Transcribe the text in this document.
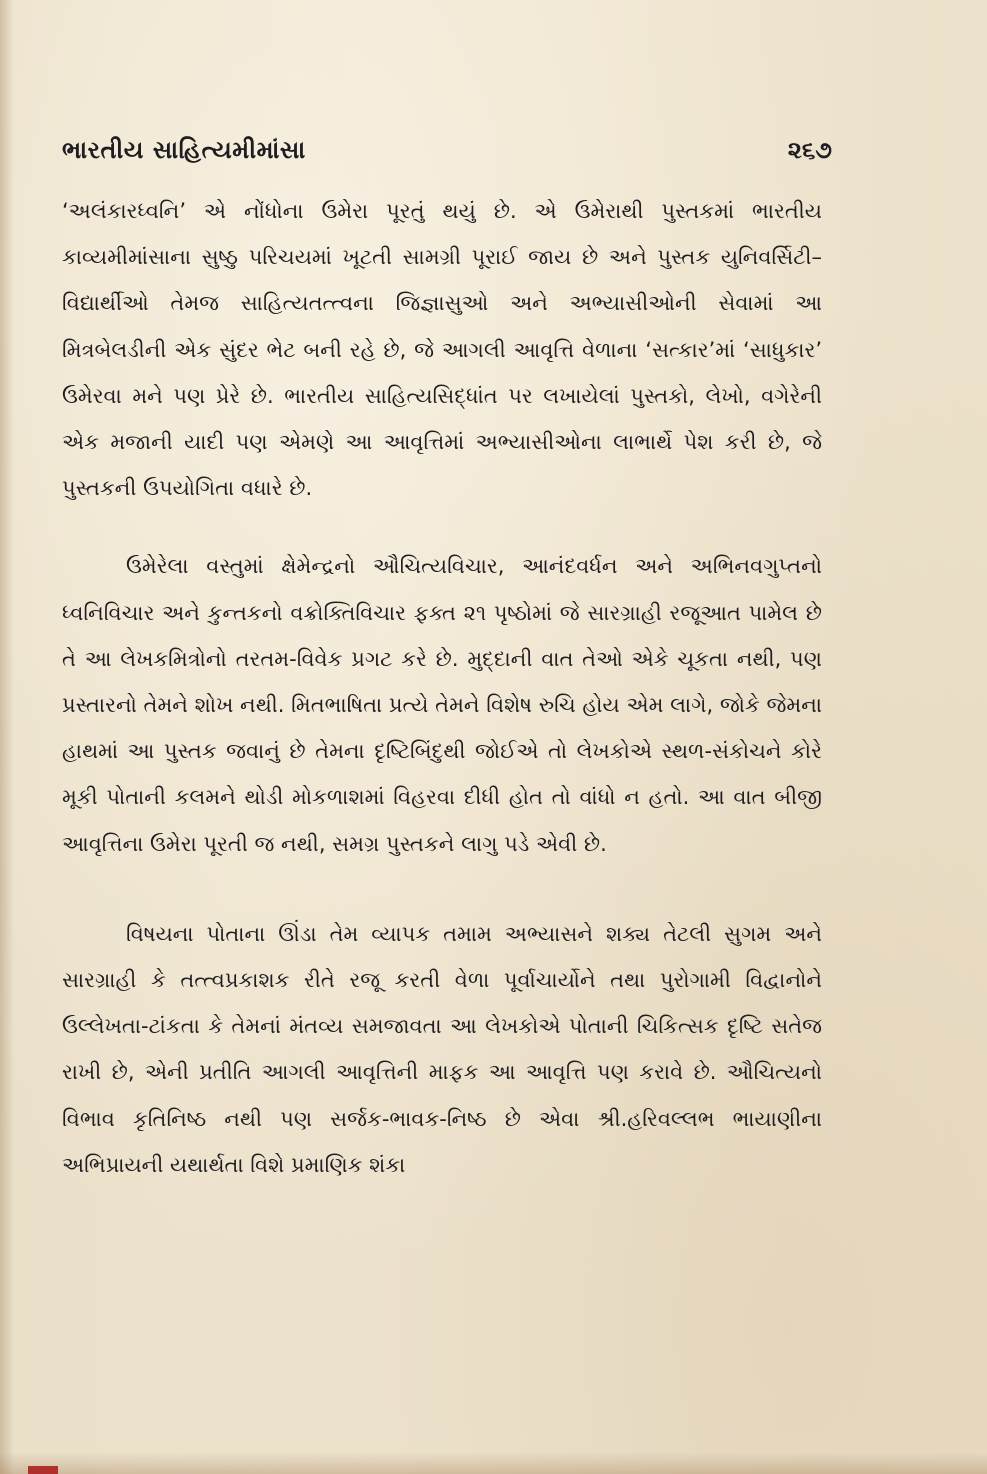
ભારતીય સાહિત્યમીમાંસા	૨૬૭

‘અલંકારધ્વનિ’ એ નોંધોના ઉમેરા પૂરતું થયું છે. એ ઉમેરાથી પુસ્તકમાં ભારતીય કાવ્યમીમાંસાના સુષ્ઠુ પરિચયમાં ખૂટતી સામગ્રી પૂરાઈ જાય છે અને પુસ્તક યુનિવર્સિટી–વિદ્યાર્થીઓ તેમજ સાહિત્યતત્ત્વના જિજ્ઞાસુઓ અને અભ્યાસીઓની સેવામાં આ મિત્રબેલડીની એક સુંદર ભેટ બની રહે છે, જે આગલી આવૃત્તિ વેળાના ‘સત્કાર’માં ‘સાધુકાર’ ઉમેરવા મને પણ પ્રેરે છે. ભારતીય સાહિત્યસિદ્ધાંત પર લખાયેલાં પુસ્તકો, લેખો, વગેરેની એક મજાની યાદી પણ એમણે આ આવૃત્તિમાં અભ્યાસીઓના લાભાર્થે પેશ કરી છે, જે પુસ્તકની ઉપયોગિતા વધારે છે.

ઉમેરેલા વસ્તુમાં ક્ષેમેન્દ્રનો ઔચિત્યવિચાર, આનંદવર્ધન અને અભિનવગુપ્તનો ધ્વનિવિચાર અને કુન્તકનો વક્રોક્તિવિચાર ફક્ત ૨૧ પૃષ્ઠોમાં જે સારગ્રાહી રજૂઆત પામેલ છે તે આ લેખકમિત્રોનો તરતમ-વિવેક પ્રગટ કરે છે. મુદ્દાની વાત તેઓ એકે ચૂકતા નથી, પણ પ્રસ્તારનો તેમને શોખ નથી. મિતભાષિતા પ્રત્યે તેમને વિશેષ રુચિ હોય એમ લાગે, જોકે જેમના હાથમાં આ પુસ્તક જવાનું છે તેમના દૃષ્ટિબિંદુથી જોઈએ તો લેખકોએ સ્થળ-સંકોચને કોરે મૂકી પોતાની કલમને થોડી મોકળાશમાં વિહરવા દીધી હોત તો વાંધો ન હતો. આ વાત બીજી આવૃત્તિના ઉમેરા પૂરતી જ નથી, સમગ્ર પુસ્તકને લાગુ પડે એવી છે.

વિષયના પોતાના ઊંડા તેમ વ્યાપક તમામ અભ્યાસને શક્ય તેટલી સુગમ અને સારગ્રાહી કે તત્ત્વપ્રકાશક રીતે રજૂ કરતી વેળા પૂર્વાચાર્યોને તથા પુરોગામી વિદ્વાનોને ઉલ્લેખતા-ટાંકતા કે તેમનાં મંતવ્ય સમજાવતા આ લેખકોએ પોતાની ચિકિત્સક દૃષ્ટિ સતેજ રાખી છે, એની પ્રતીતિ આગલી આવૃત્તિની માફક આ આવૃત્તિ પણ કરાવે છે. ઔચિત્યનો વિભાવ કૃતિનિષ્ઠ નથી પણ સર્જક-ભાવક-નિષ્ઠ છે એવા શ્રી.હરિવલ્લભ ભાયાણીના અભિપ્રાયની યથાર્થતા વિશે પ્રમાણિક શંકા
